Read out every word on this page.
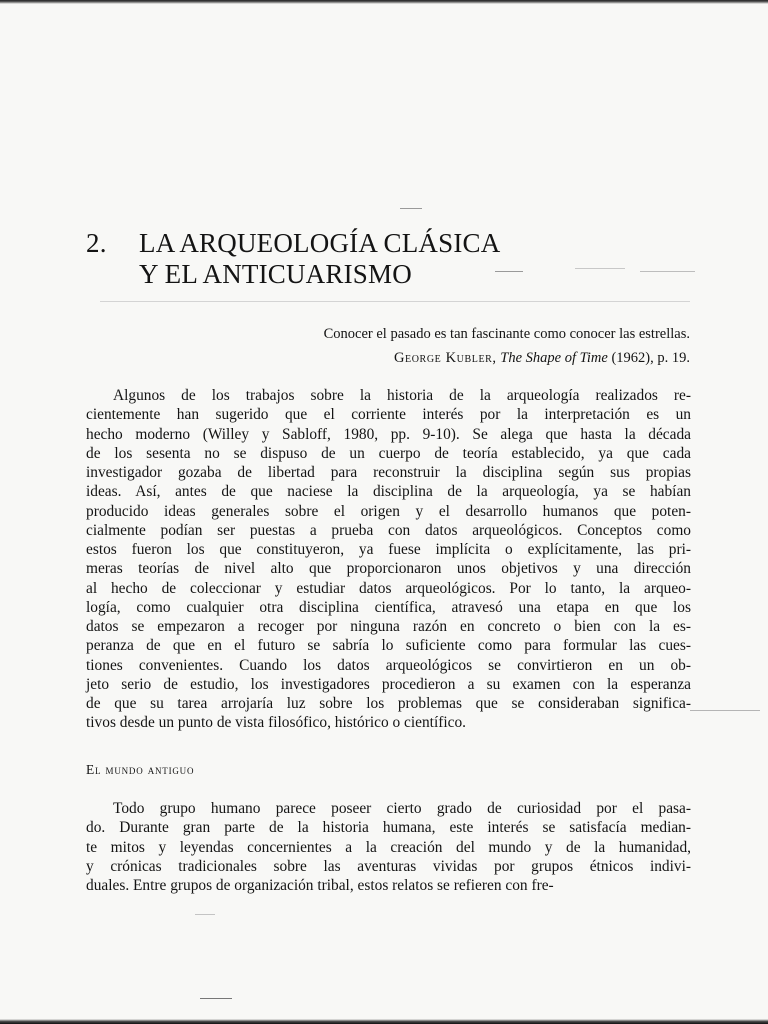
2. LA ARQUEOLOGÍA CLÁSICA
Y EL ANTICUARISMO
Conocer el pasado es tan fascinante como conocer las estrellas.
George Kubler, The Shape of Time (1962), p. 19.
Algunos de los trabajos sobre la historia de la arqueología realizados re-
cientemente han sugerido que el corriente interés por la interpretación es un
hecho moderno (Willey y Sabloff, 1980, pp. 9-10). Se alega que hasta la década
de los sesenta no se dispuso de un cuerpo de teoría establecido, ya que cada
investigador gozaba de libertad para reconstruir la disciplina según sus propias
ideas. Así, antes de que naciese la disciplina de la arqueología, ya se habían
producido ideas generales sobre el origen y el desarrollo humanos que poten-
cialmente podían ser puestas a prueba con datos arqueológicos. Conceptos como
estos fueron los que constituyeron, ya fuese implícita o explícitamente, las pri-
meras teorías de nivel alto que proporcionaron unos objetivos y una dirección
al hecho de coleccionar y estudiar datos arqueológicos. Por lo tanto, la arqueo-
logía, como cualquier otra disciplina científica, atravesó una etapa en que los
datos se empezaron a recoger por ninguna razón en concreto o bien con la es-
peranza de que en el futuro se sabría lo suficiente como para formular las cues-
tiones convenientes. Cuando los datos arqueológicos se convirtieron en un ob-
jeto serio de estudio, los investigadores procedieron a su examen con la esperanza
de que su tarea arrojaría luz sobre los problemas que se consideraban significa-
tivos desde un punto de vista filosófico, histórico o científico.
El mundo antiguo
Todo grupo humano parece poseer cierto grado de curiosidad por el pasa-
do. Durante gran parte de la historia humana, este interés se satisfacía median-
te mitos y leyendas concernientes a la creación del mundo y de la humanidad,
y crónicas tradicionales sobre las aventuras vividas por grupos étnicos indivi-
duales. Entre grupos de organización tribal, estos relatos se refieren con fre-
